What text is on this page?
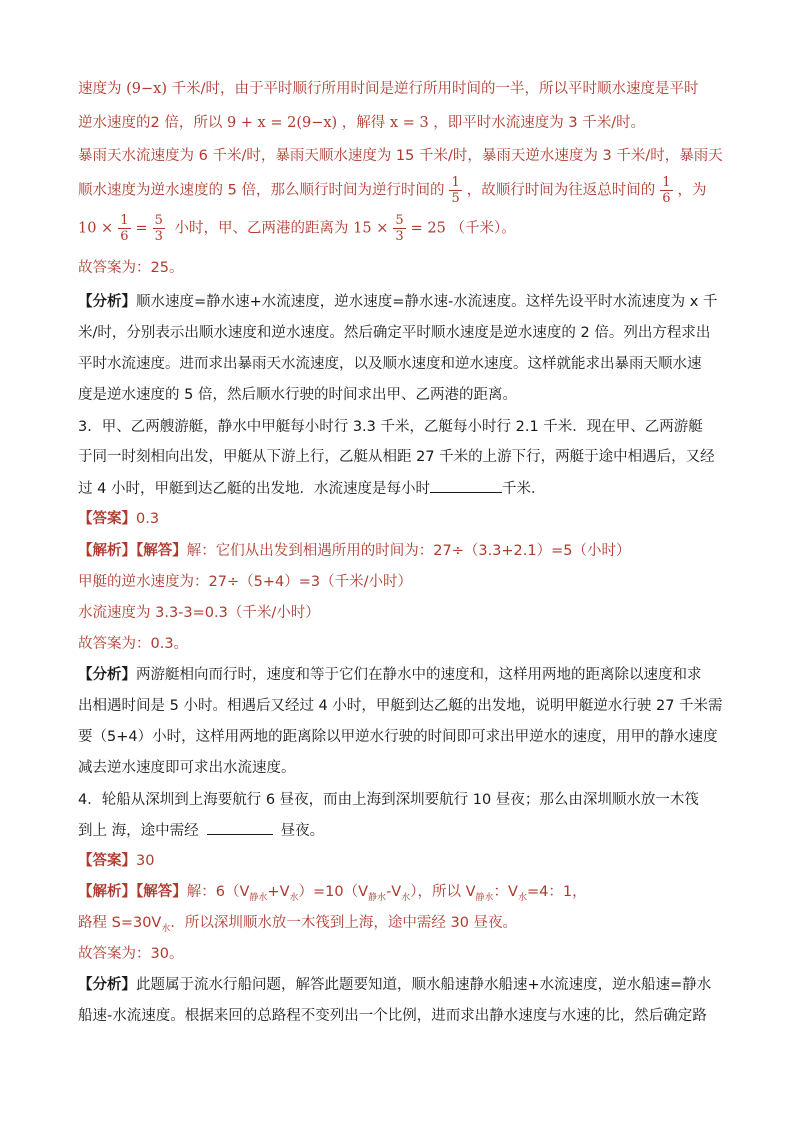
速度为 (9−x) 千米/时，由于平时顺行所用时间是逆行所用时间的一半，所以平时顺水速度是平时
逆水速度的2 倍，所以 9 + x = 2(9−x) ，解得 x = 3 ，即平时水流速度为 3 千米/时。
暴雨天水流速度为 6 千米/时，暴雨天顺水速度为 15 千米/时，暴雨天逆水速度为 3 千米/时，暴雨天
顺水速度为逆水速度的 5 倍，那么顺行时间为逆行时间的 $\frac{1}{5}$ ，故顺行时间为往返总时间的 $\frac{1}{6}$ ，为
$10 \times \frac{1}{6} = \frac{5}{3}$ 小时，甲、乙两港的距离为 $15 \times \frac{5}{3} = 25$ （千米）。
故答案为：25。
【分析】顺水速度=静水速+水流速度，逆水速度=静水速-水流速度。这样先设平时水流速度为 x 千
米/时，分别表示出顺水速度和逆水速度。然后确定平时顺水速度是逆水速度的 2 倍。列出方程求出
平时水流速度。进而求出暴雨天水流速度，以及顺水速度和逆水速度。这样就能求出暴雨天顺水速
度是逆水速度的 5 倍，然后顺水行驶的时间求出甲、乙两港的距离。
3．甲、乙两艘游艇，静水中甲艇每小时行 3.3 千米，乙艇每小时行 2.1 千米．现在甲、乙两游艇
于同一时刻相向出发，甲艇从下游上行，乙艇从相距 27 千米的上游下行，两艇于途中相遇后，又经
过 4 小时，甲艇到达乙艇的出发地．水流速度是每小时	千米．
【答案】0.3
【解析】【解答】解：它们从出发到相遇所用的时间为：27÷（3.3+2.1）=5（小时）
甲艇的逆水速度为：27÷（5+4）=3（千米/小时）
水流速度为 3.3-3=0.3（千米/小时）
故答案为：0.3。
【分析】两游艇相向而行时，速度和等于它们在静水中的速度和，这样用两地的距离除以速度和求
出相遇时间是 5 小时。相遇后又经过 4 小时，甲艇到达乙艇的出发地，说明甲艇逆水行驶 27 千米需
要（5+4）小时，这样用两地的距离除以甲逆水行驶的时间即可求出甲逆水的速度，用甲的静水速度
减去逆水速度即可求出水流速度。
4．轮船从深圳到上海要航行 6 昼夜，而由上海到深圳要航行 10 昼夜；那么由深圳顺水放一木筏
到上 海，途中需经	昼夜。
【答案】30
【解析】【解答】解：$6(V_{静水}+V_水)=10(V_{静水}-V_水)$，所以 $V_{静水}$：$V_水=4$：1，
路程 $S=30V_水$．所以深圳顺水放一木筏到上海，途中需经 30 昼夜。
故答案为：30。
【分析】此题属于流水行船问题，解答此题要知道，顺水船速静水船速+水流速度，逆水船速=静水
船速-水流速度。根据来回的总路程不变列出一个比例，进而求出静水速度与水速的比，然后确定路
